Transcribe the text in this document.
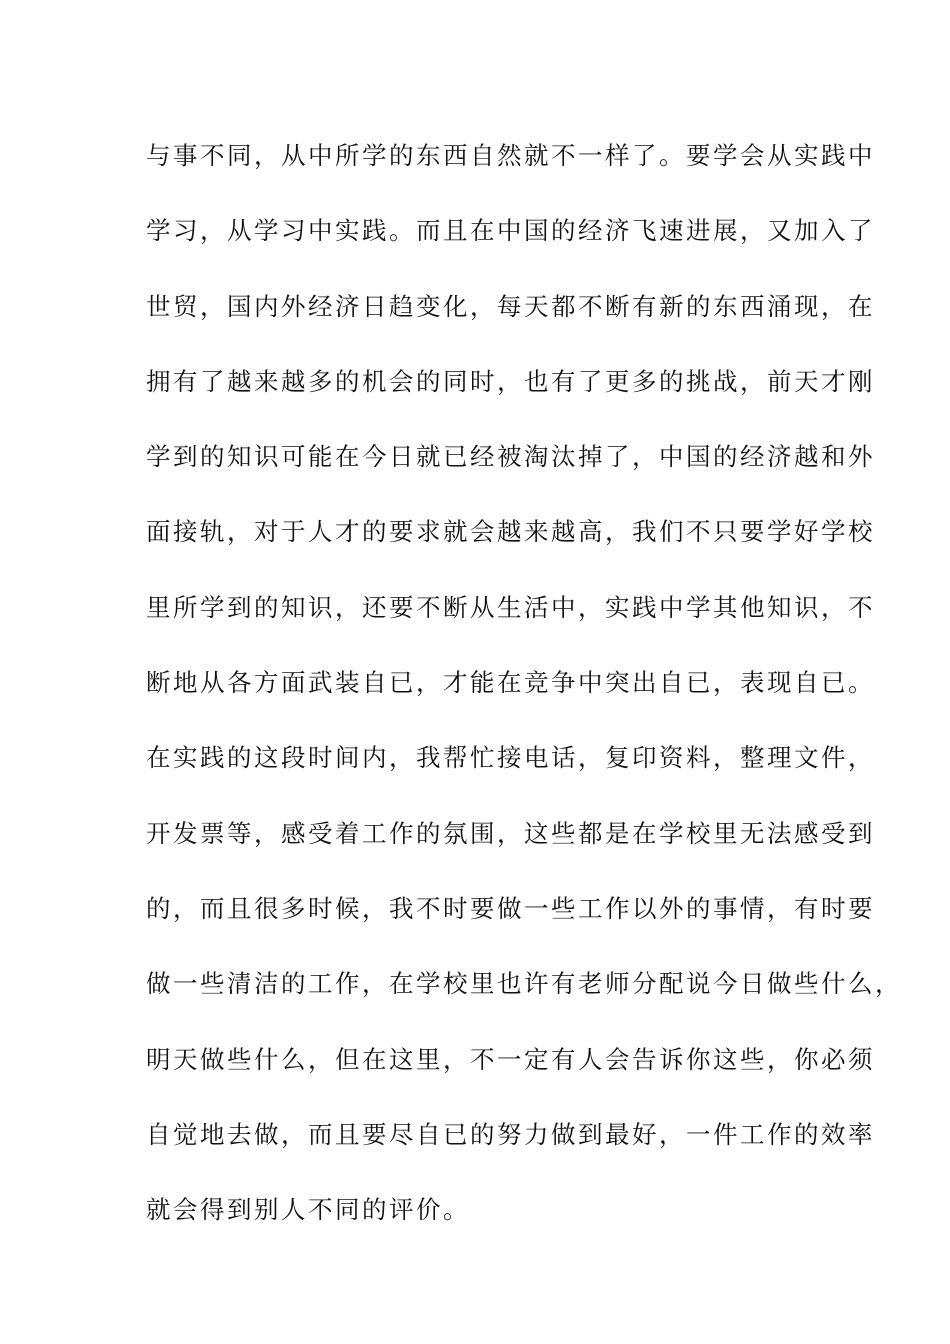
与事不同，从中所学的东西自然就不一样了。要学会从实践中
学习，从学习中实践。而且在中国的经济飞速进展，又加入了
世贸，国内外经济日趋变化，每天都不断有新的东西涌现，在
拥有了越来越多的机会的同时，也有了更多的挑战，前天才刚
学到的知识可能在今日就已经被淘汰掉了，中国的经济越和外
面接轨，对于人才的要求就会越来越高，我们不只要学好学校
里所学到的知识，还要不断从生活中，实践中学其他知识，不
断地从各方面武装自已，才能在竞争中突出自已，表现自已。
在实践的这段时间内，我帮忙接电话，复印资料，整理文件，
开发票等，感受着工作的氛围，这些都是在学校里无法感受到
的，而且很多时候，我不时要做一些工作以外的事情，有时要
做一些清洁的工作，在学校里也许有老师分配说今日做些什么，
明天做些什么，但在这里，不一定有人会告诉你这些，你必须
自觉地去做，而且要尽自已的努力做到最好，一件工作的效率
就会得到别人不同的评价。
